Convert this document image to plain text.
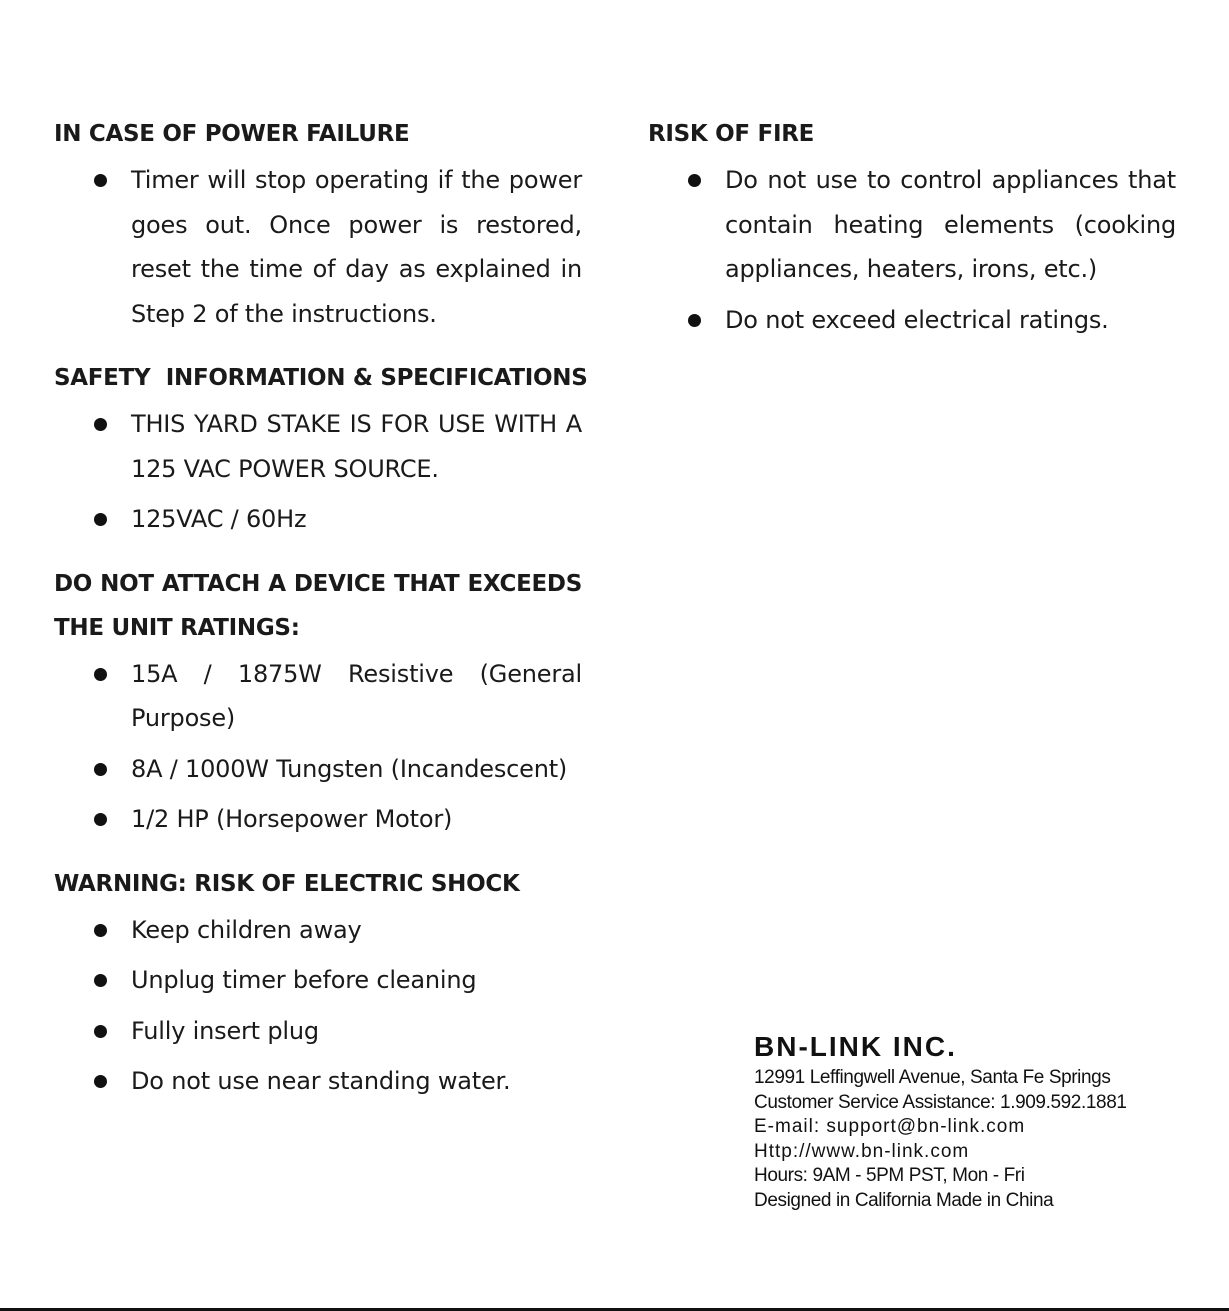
IN CASE OF POWER FAILURE
Timer will stop operating if the power goes out. Once power is restored, reset the time of day as explained in Step 2 of the instructions.
SAFETY  INFORMATION & SPECIFICATIONS
THIS YARD STAKE IS FOR USE WITH A 125 VAC POWER SOURCE.
125VAC / 60Hz
DO NOT ATTACH A DEVICE THAT EXCEEDS THE UNIT RATINGS:
15A / 1875W Resistive (General Purpose)
8A / 1000W Tungsten (Incandescent)
1/2 HP (Horsepower Motor)
WARNING: RISK OF ELECTRIC SHOCK
Keep children away
Unplug timer before cleaning
Fully insert plug
Do not use near standing water.
RISK OF FIRE
Do not use to control appliances that contain heating elements (cooking appliances, heaters, irons, etc.)
Do not exceed electrical ratings.
BN-LINK INC.
12991 Leffingwell Avenue, Santa Fe Springs
Customer Service Assistance: 1.909.592.1881
E-mail: support@bn-link.com
Http://www.bn-link.com
Hours: 9AM - 5PM PST, Mon - Fri
Designed in California Made in China
